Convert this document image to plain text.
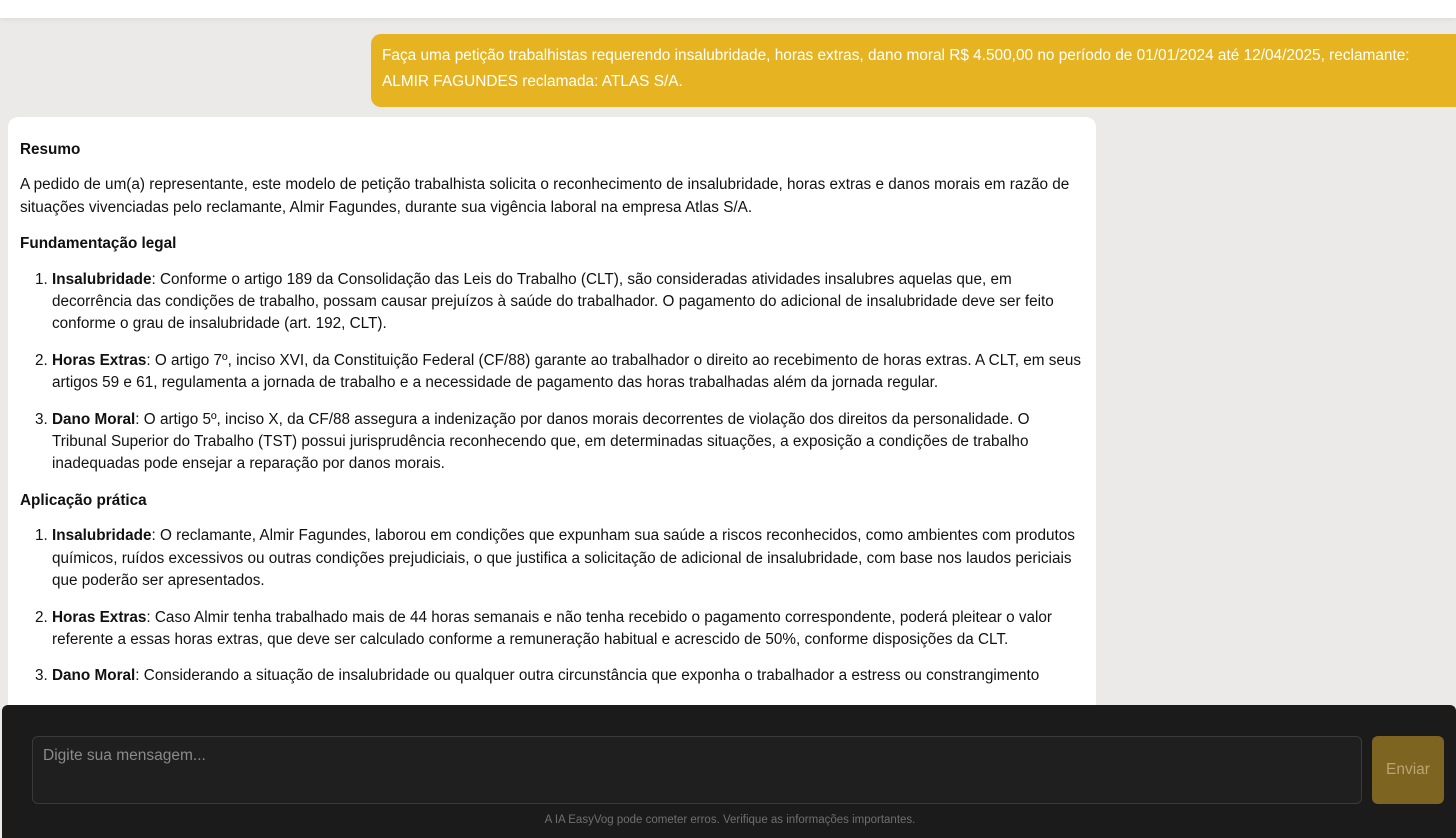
Faça uma petição trabalhistas requerendo insalubridade, horas extras, dano moral R$ 4.500,00 no período de 01/01/2024 até 12/04/2025, reclamante: ALMIR FAGUNDES reclamada: ATLAS S/A.
Resumo

A pedido de um(a) representante, este modelo de petição trabalhista solicita o reconhecimento de insalubridade, horas extras e danos morais em razão de situações vivenciadas pelo reclamante, Almir Fagundes, durante sua vigência laboral na empresa Atlas S/A.

Fundamentação legal
1. Insalubridade: Conforme o artigo 189 da Consolidação das Leis do Trabalho (CLT), são consideradas atividades insalubres aquelas que, em decorrência das condições de trabalho, possam causar prejuízos à saúde do trabalhador. O pagamento do adicional de insalubridade deve ser feito conforme o grau de insalubridade (art. 192, CLT).
2. Horas Extras: O artigo 7º, inciso XVI, da Constituição Federal (CF/88) garante ao trabalhador o direito ao recebimento de horas extras. A CLT, em seus artigos 59 e 61, regulamenta a jornada de trabalho e a necessidade de pagamento das horas trabalhadas além da jornada regular.
3. Dano Moral: O artigo 5º, inciso X, da CF/88 assegura a indenização por danos morais decorrentes de violação dos direitos da personalidade. O Tribunal Superior do Trabalho (TST) possui jurisprudência reconhecendo que, em determinadas situações, a exposição a condições de trabalho inadequadas pode ensejar a reparação por danos morais.
Aplicação prática
1. Insalubridade: O reclamante, Almir Fagundes, laborou em condições que expunham sua saúde a riscos reconhecidos, como ambientes com produtos químicos, ruídos excessivos ou outras condições prejudiciais, o que justifica a solicitação de adicional de insalubridade, com base nos laudos periciais que poderão ser apresentados.
2. Horas Extras: Caso Almir tenha trabalhado mais de 44 horas semanais e não tenha recebido o pagamento correspondente, poderá pleitear o valor referente a essas horas extras, que deve ser calculado conforme a remuneração habitual e acrescido de 50%, conforme disposições da CLT.
3. Dano Moral: Considerando a situação de insalubridade ou qualquer outra circunstância que exponha o trabalhador a estress ou constrangimento
Digite sua mensagem...
Enviar
A IA EasyVog pode cometer erros. Verifique as informações importantes.
